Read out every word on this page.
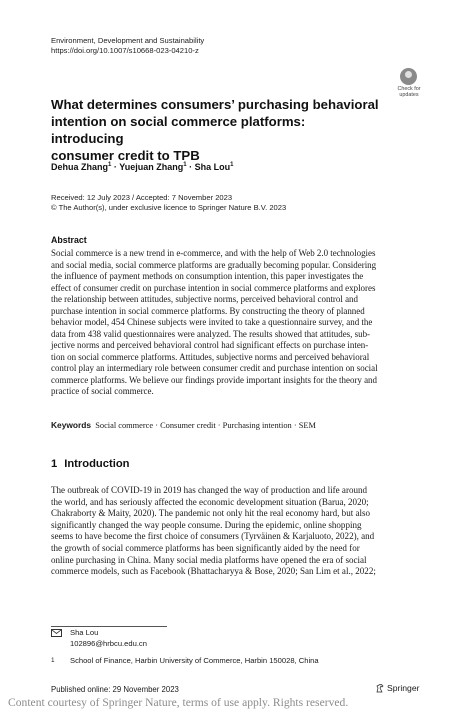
Environment, Development and Sustainability
https://doi.org/10.1007/s10668-023-04210-z
Check for
updates
What determines consumers’ purchasing behavioral
intention on social commerce platforms: introducing
consumer credit to TPB
Dehua Zhang$^1$ · Yuejuan Zhang$^1$ · Sha Lou$^1$
Received: 12 July 2023 / Accepted: 7 November 2023
© The Author(s), under exclusive licence to Springer Nature B.V. 2023
Abstract
Social commerce is a new trend in e-commerce, and with the help of Web 2.0 technologies
and social media, social commerce platforms are gradually becoming popular. Considering
the influence of payment methods on consumption intention, this paper investigates the
effect of consumer credit on purchase intention in social commerce platforms and explores
the relationship between attitudes, subjective norms, perceived behavioral control and
purchase intention in social commerce platforms. By constructing the theory of planned
behavior model, 454 Chinese subjects were invited to take a questionnaire survey, and the
data from 438 valid questionnaires were analyzed. The results showed that attitudes, sub-
jective norms and perceived behavioral control had significant effects on purchase inten-
tion on social commerce platforms. Attitudes, subjective norms and perceived behavioral
control play an intermediary role between consumer credit and purchase intention on social
commerce platforms. We believe our findings provide important insights for the theory and
practice of social commerce.
Keywords Social commerce · Consumer credit · Purchasing intention · SEM
1 Introduction
The outbreak of COVID-19 in 2019 has changed the way of production and life around
the world, and has seriously affected the economic development situation (Barua, 2020;
Chakraborty & Maity, 2020). The pandemic not only hit the real economy hard, but also
significantly changed the way people consume. During the epidemic, online shopping
seems to have become the first choice of consumers (Tyrväinen & Karjaluoto, 2022), and
the growth of social commerce platforms has been significantly aided by the need for
online purchasing in China. Many social media platforms have opened the era of social
commerce models, such as Facebook (Bhattacharyya & Bose, 2020; San Lim et al., 2022;
Sha Lou
102896@hrbcu.edu.cn
1 School of Finance, Harbin University of Commerce, Harbin 150028, China
Published online: 29 November 2023	Springer
Content courtesy of Springer Nature, terms of use apply. Rights reserved.
